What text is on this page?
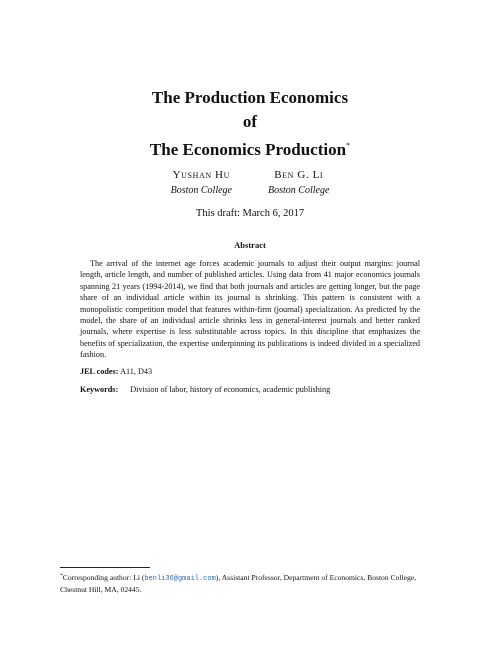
The Production Economics
of
The Economics Production*
Yushan Hu
Boston College
Ben G. Li
Boston College
This draft: March 6, 2017
Abstract
The arrival of the internet age forces academic journals to adjust their output margins: journal length, article length, and number of published articles. Using data from 41 major economics journals spanning 21 years (1994-2014), we find that both journals and articles are getting longer, but the page share of an individual article within its journal is shrinking. This pattern is consistent with a monopolistic competition model that features within-firm (journal) specialization. As predicted by the model, the share of an individual article shrinks less in general-interest journals and better ranked journals, where expertise is less substitutable across topics. In this discipline that emphasizes the benefits of specialization, the expertise underpinning its publications is indeed divided in a specialized fashion.
JEL codes: A11, D43
Keywords: Division of labor, history of economics, academic publishing
*Corresponding author: Li (benli36@gmail.com), Assistant Professor, Department of Economics, Boston College, Chestnut Hill, MA, 02445.
